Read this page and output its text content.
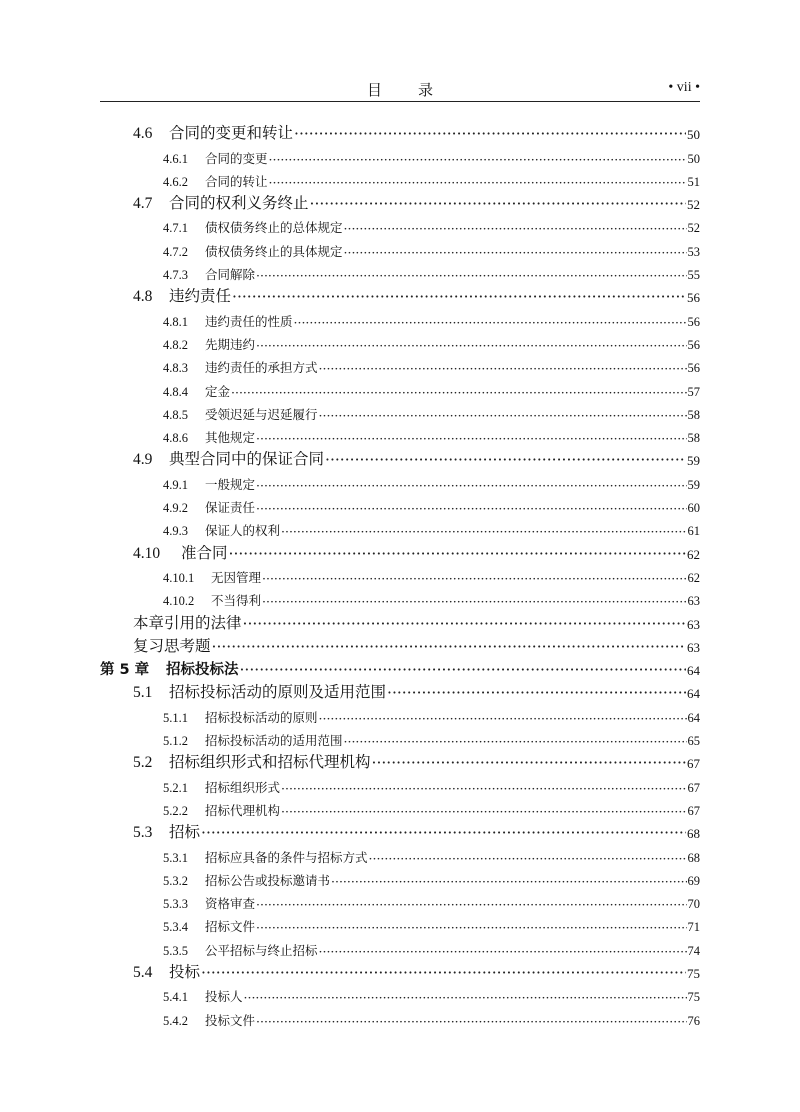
目 录	• vii •
4.6	合同的变更和转让 ·····	50
4.6.1	合同的变更 ·····	50
4.6.2	合同的转让 ·····	51
4.7	合同的权利义务终止 ·····	52
4.7.1	债权债务终止的总体规定 ·····	52
4.7.2	债权债务终止的具体规定 ·····	53
4.7.3	合同解除 ·····	55
4.8	违约责任 ·····	56
4.8.1	违约责任的性质 ·····	56
4.8.2	先期违约 ·····	56
4.8.3	违约责任的承担方式 ·····	56
4.8.4	定金 ·····	57
4.8.5	受领迟延与迟延履行 ·····	58
4.8.6	其他规定 ·····	58
4.9	典型合同中的保证合同 ·····	59
4.9.1	一般规定 ·····	59
4.9.2	保证责任 ·····	60
4.9.3	保证人的权利 ·····	61
4.10	准合同 ·····	62
4.10.1	无因管理 ·····	62
4.10.2	不当得利 ·····	63
本章引用的法律 ·····	63
复习思考题 ·····	63
第 5 章	招标投标法 ·····	64
5.1	招标投标活动的原则及适用范围 ·····	64
5.1.1	招标投标活动的原则 ·····	64
5.1.2	招标投标活动的适用范围 ·····	65
5.2	招标组织形式和招标代理机构 ·····	67
5.2.1	招标组织形式 ·····	67
5.2.2	招标代理机构 ·····	67
5.3	招标 ·····	68
5.3.1	招标应具备的条件与招标方式 ·····	68
5.3.2	招标公告或投标邀请书 ·····	69
5.3.3	资格审查 ·····	70
5.3.4	招标文件 ·····	71
5.3.5	公平招标与终止招标 ·····	74
5.4	投标 ·····	75
5.4.1	投标人 ·····	75
5.4.2	投标文件 ·····	76
